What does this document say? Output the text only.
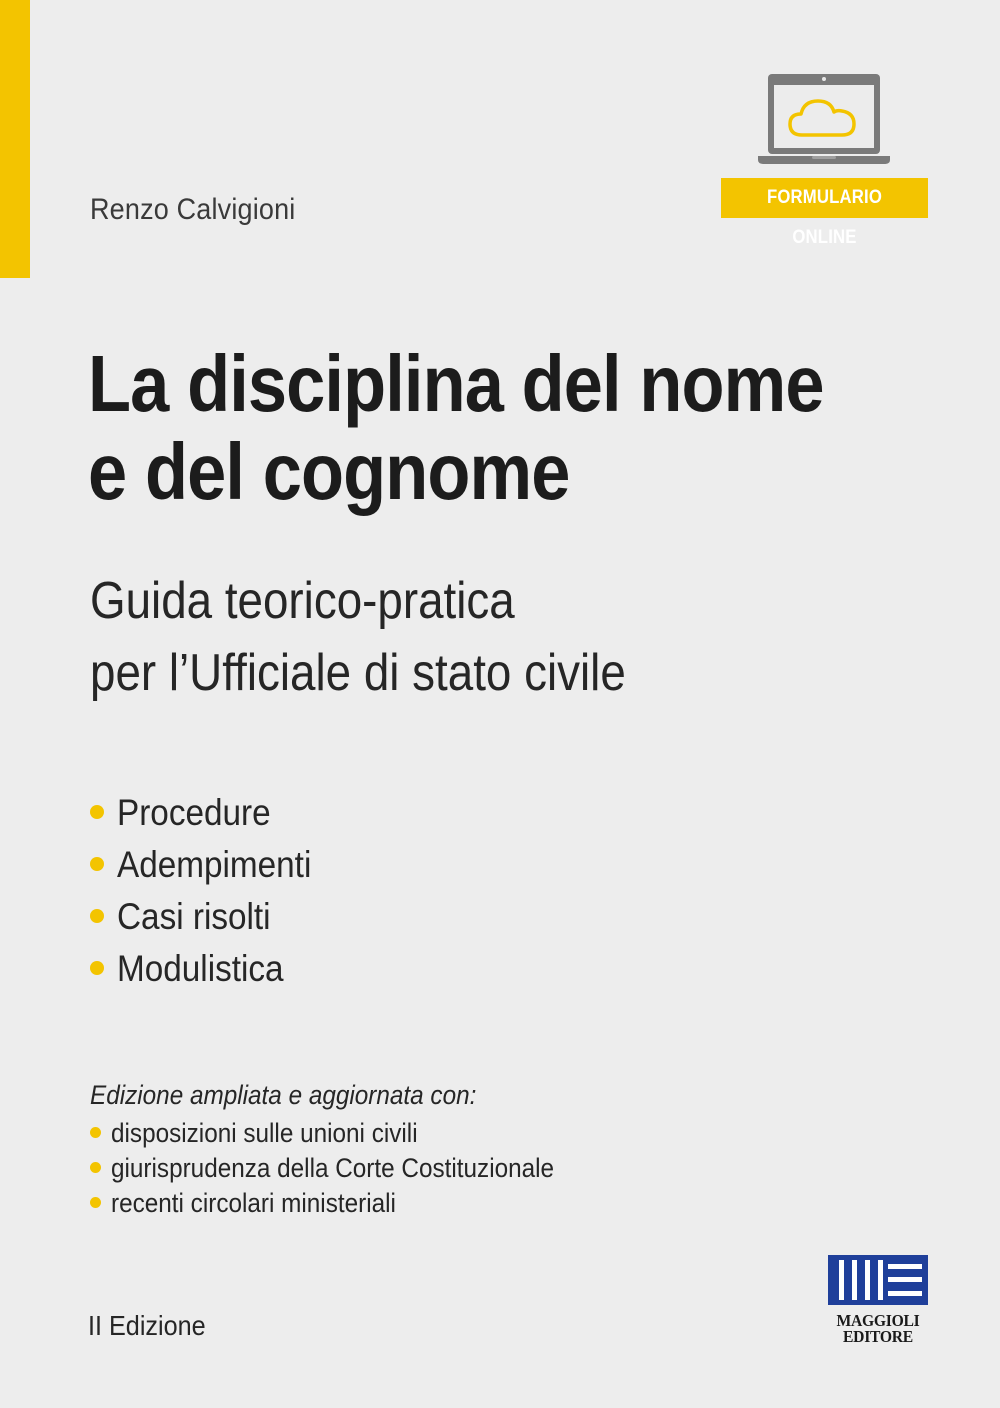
Renzo Calvigioni	FORMULARIO ONLINE
La disciplina del nome
e del cognome
Guida teorico-pratica
per l’Ufficiale di stato civile
Procedure
Adempimenti
Casi risolti
Modulistica
Edizione ampliata e aggiornata con:
disposizioni sulle unioni civili
giurisprudenza della Corte Costituzionale
recenti circolari ministeriali
II Edizione	MAGGIOLI
EDITORE
